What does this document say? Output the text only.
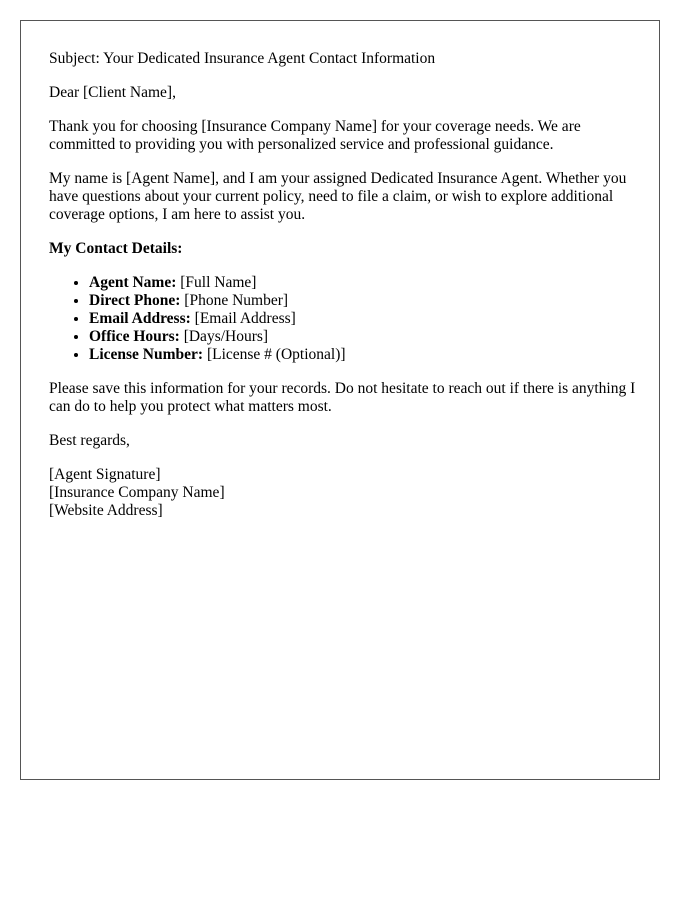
Subject: Your Dedicated Insurance Agent Contact Information

Dear [Client Name],

Thank you for choosing [Insurance Company Name] for your coverage needs. We are committed to providing you with personalized service and professional guidance.

My name is [Agent Name], and I am your assigned Dedicated Insurance Agent. Whether you have questions about your current policy, need to file a claim, or wish to explore additional coverage options, I am here to assist you.

My Contact Details:

• Agent Name: [Full Name]
• Direct Phone: [Phone Number]
• Email Address: [Email Address]
• Office Hours: [Days/Hours]
• License Number: [License # (Optional)]

Please save this information for your records. Do not hesitate to reach out if there is anything I can do to help you protect what matters most.

Best regards,

[Agent Signature]

[Insurance Company Name]

[Website Address]
